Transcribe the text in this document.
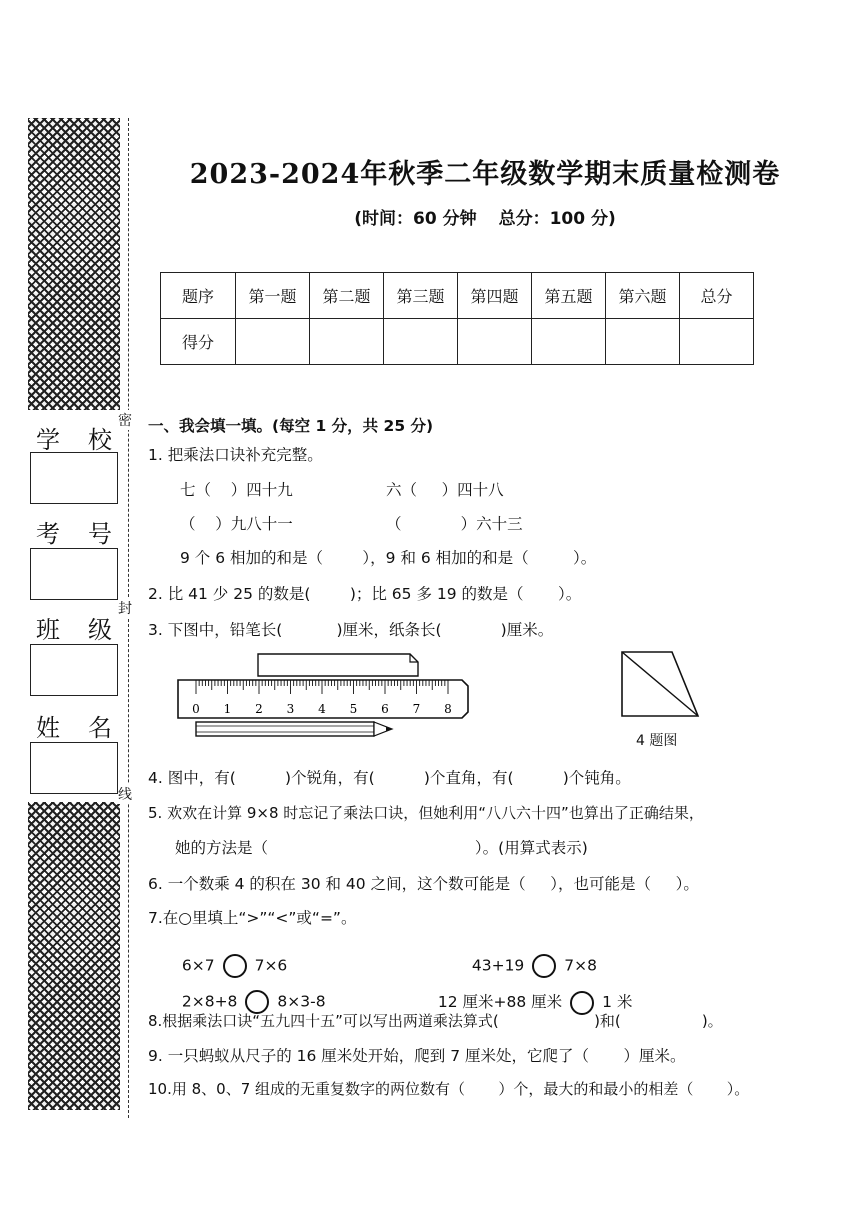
密
封
线
学 校
考 号
班 级
姓 名
2023-2024年秋季二年级数学期末质量检测卷
(时间：60 分钟 总分：100 分)
题序	第一题	第二题	第三题	第四题	第五题	第六题	总分
得分							
一、我会填一填。(每空 1 分，共 25 分)
1. 把乘法口诀补充完整。
七（    ）四十九	六（     ）四十八
（    ）九八十一	（            ）六十三
9 个 6 相加的和是（        ），9 和 6 相加的和是（         ）。
2. 比 41 少 25 的数是(        )；比 65 多 19 的数是（       ）。
3. 下图中，铅笔长(           )厘米，纸条长(            )厘米。
0 1 2 3 4 5 6 7 8
4 题图
4. 图中，有(          )个锐角，有(          )个直角，有(          )个钝角。
5. 欢欢在计算 9×8 时忘记了乘法口诀，但她利用“八八六十四”也算出了正确结果，
她的方法是（                                          ）。(用算式表示)
6. 一个数乘 4 的积在 30 和 40 之间，这个数可能是（     ），也可能是（     ）。
7.在○里填上“>”“<”或“=”。

6×7	7×6	43+19	7×8

2×8+8	8×3-8	12 厘米+88 厘米	1 米

8.根据乘法口诀“五九四十五”可以写出两道乘法算式(                    )和(                 )。
9. 一只蚂蚁从尺子的 16 厘米处开始，爬到 7 厘米处，它爬了（       ）厘米。
10.用 8、0、7 组成的无重复数字的两位数有（       ）个，最大的和最小的相差（       ）。
